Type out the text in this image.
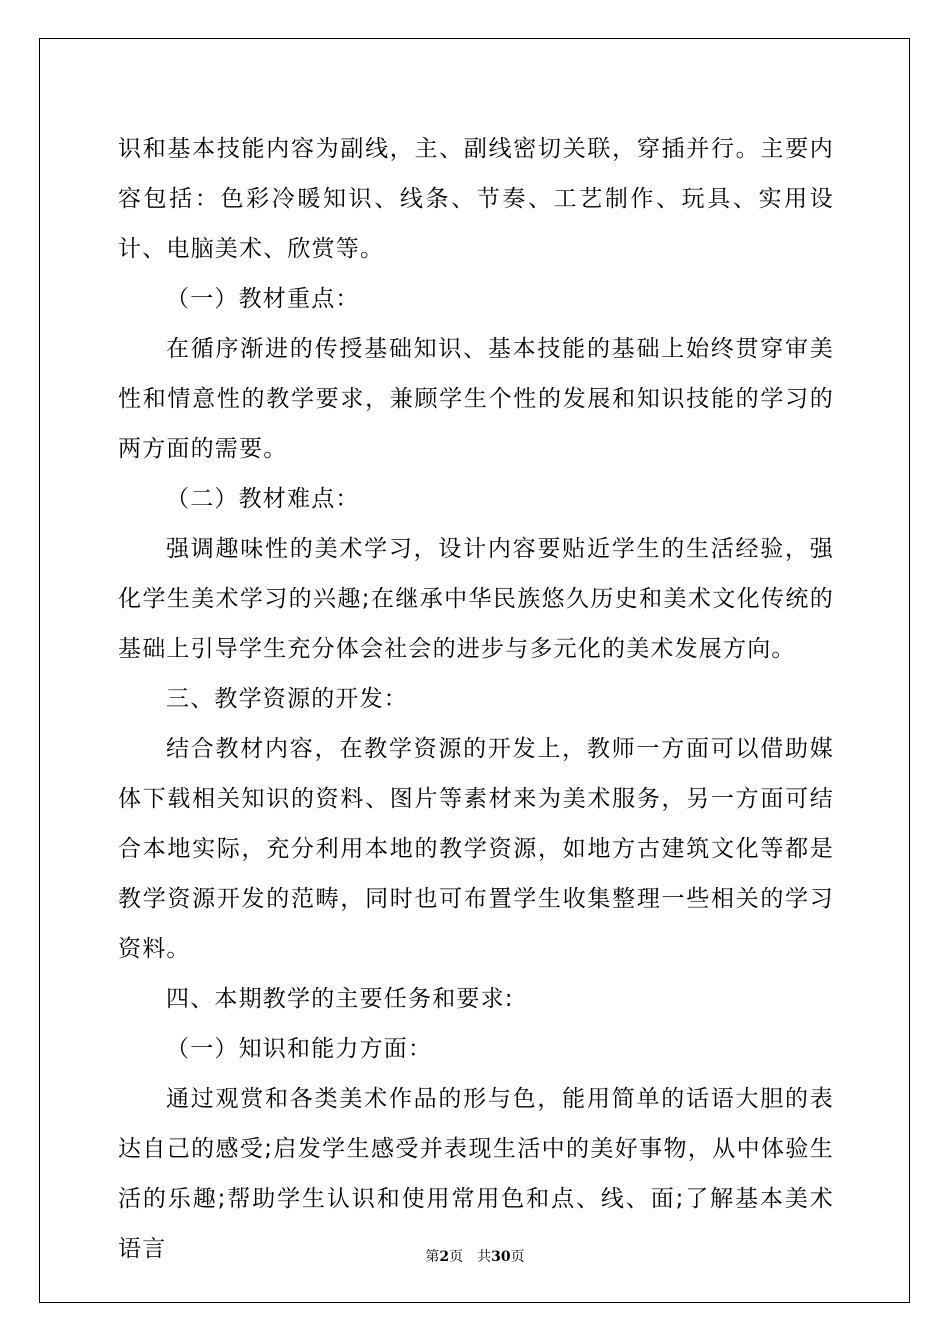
识和基本技能内容为副线，主、副线密切关联，穿插并行。主要内容包括：色彩冷暖知识、线条、节奏、工艺制作、玩具、实用设计、电脑美术、欣赏等。

（一）教材重点：

在循序渐进的传授基础知识、基本技能的基础上始终贯穿审美性和情意性的教学要求，兼顾学生个性的发展和知识技能的学习的两方面的需要。

（二）教材难点：

强调趣味性的美术学习，设计内容要贴近学生的生活经验，强化学生美术学习的兴趣;在继承中华民族悠久历史和美术文化传统的基础上引导学生充分体会社会的进步与多元化的美术发展方向。

三、教学资源的开发：

结合教材内容，在教学资源的开发上，教师一方面可以借助媒体下载相关知识的资料、图片等素材来为美术服务，另一方面可结合本地实际，充分利用本地的教学资源，如地方古建筑文化等都是教学资源开发的范畴，同时也可布置学生收集整理一些相关的学习资料。

四、本期教学的主要任务和要求:

（一）知识和能力方面：

通过观赏和各类美术作品的形与色，能用简单的话语大胆的表达自己的感受;启发学生感受并表现生活中的美好事物，从中体验生活的乐趣;帮助学生认识和使用常用色和点、线、面;了解基本美术语言	第2页 共30页
